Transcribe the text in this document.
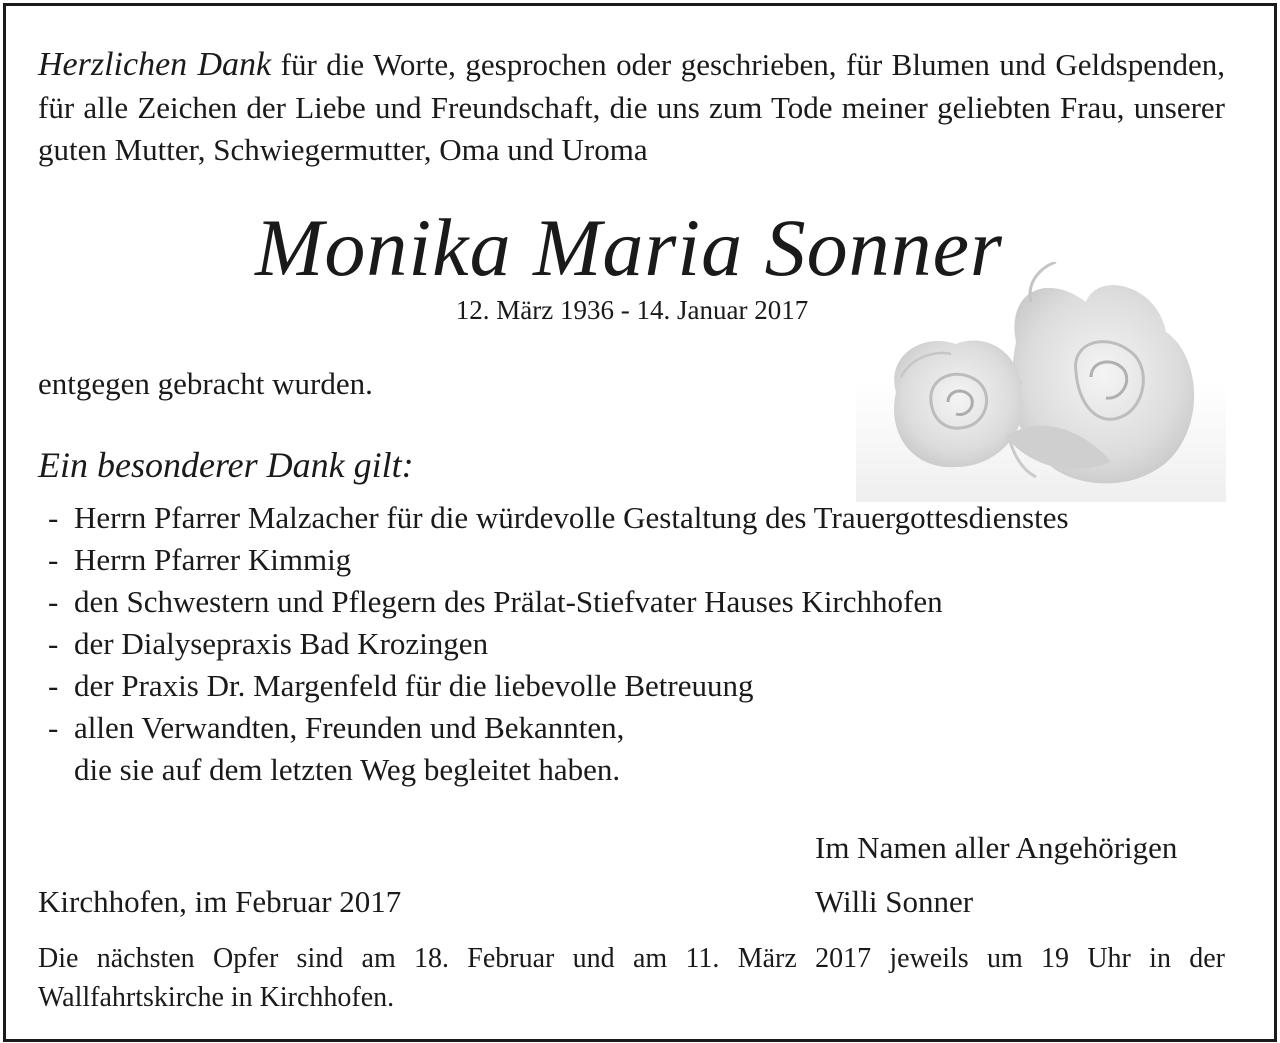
Herzlichen Dank für die Worte, gesprochen oder geschrieben, für Blumen und Geldspenden, für alle Zeichen der Liebe und Freundschaft, die uns zum Tode meiner geliebten Frau, unserer guten Mutter, Schwiegermutter, Oma und Uroma

Monika Maria Sonner

12. März 1936 - 14. Januar 2017

entgegen gebracht wurden.

Ein besonderer Dank gilt:

- Herrn Pfarrer Malzacher für die würdevolle Gestaltung des Trauergottesdienstes
- Herrn Pfarrer Kimmig
- den Schwestern und Pflegern des Prälat-Stiefvater Hauses Kirchhofen
- der Dialysepraxis Bad Krozingen
- der Praxis Dr. Margenfeld für die liebevolle Betreuung
- allen Verwandten, Freunden und Bekannten,
die sie auf dem letzten Weg begleitet haben.

Im Namen aller Angehörigen

Kirchhofen, im Februar 2017	Willi Sonner

Die nächsten Opfer sind am 18. Februar und am 11. März 2017 jeweils um 19 Uhr in der Wallfahrtskirche in Kirchhofen.
